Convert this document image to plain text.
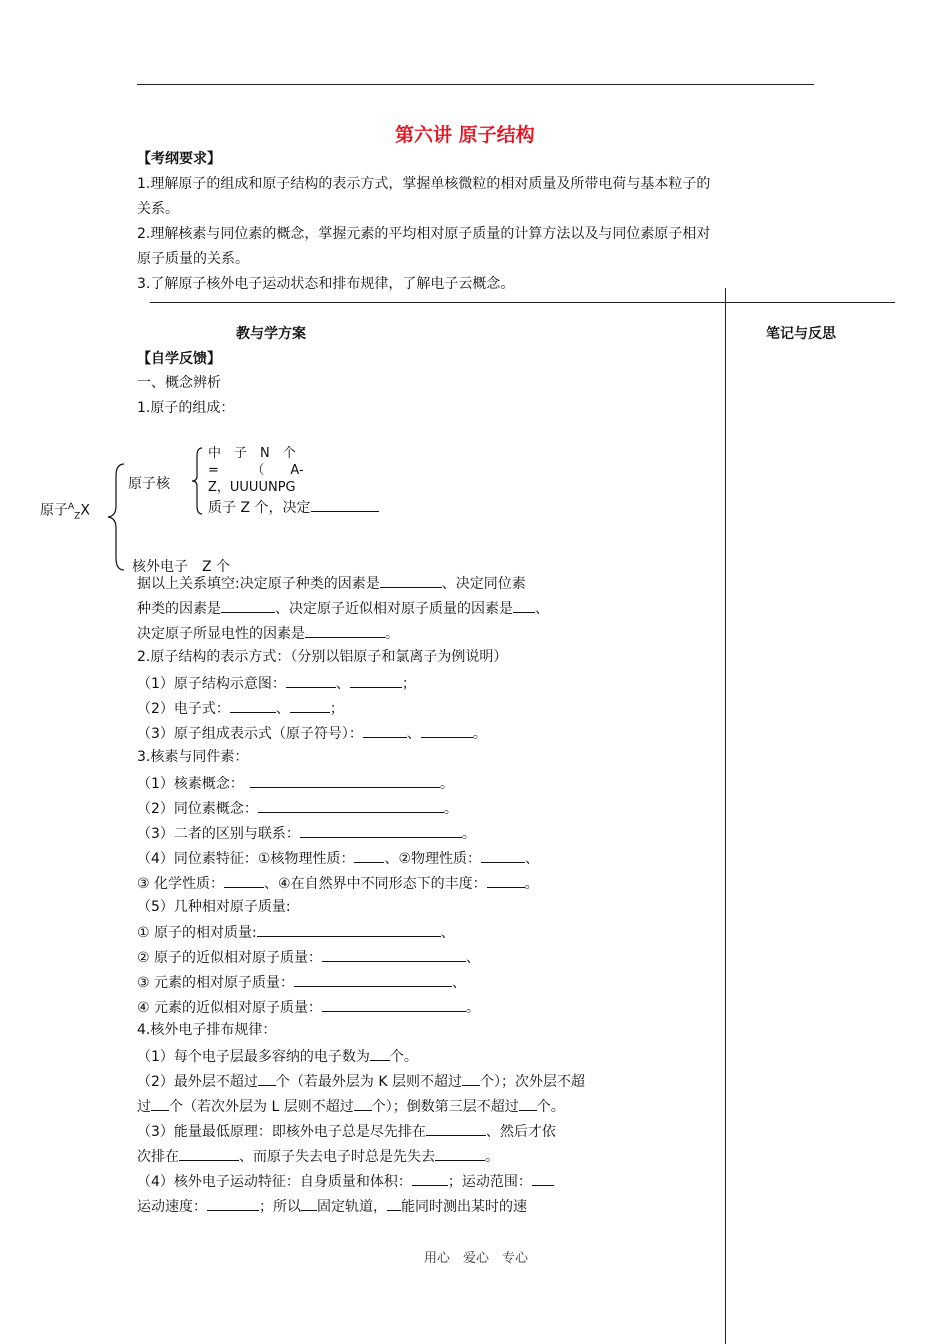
第六讲 原子结构
【考纲要求】
1.理解原子的组成和原子结构的表示方式，掌握单核微粒的相对质量及所带电荷与基本粒子的
关系。
2.理解核素与同位素的概念，掌握元素的平均相对原子质量的计算方法以及与同位素原子相对
原子质量的关系。
3.了解原子核外电子运动状态和排布规律，了解电子云概念。
教与学方案	笔记与反思
【自学反馈】
一、概念辨析
1.原子的组成：
原子$^A_Z$X
原子核
中　子　N　个
=　　　（　　A-
Z，UUUUNPG
质子 Z 个，决定
核外电子　Z 个
据以上关系填空:决定原子种类的因素是	、决定同位素
种类的因素是	、决定原子近似相对原子质量的因素是 、
决定原子所显电性的因素是	。
2.原子结构的表示方式：（分别以铝原子和氯离子为例说明）
（1）原子结构示意图：	、	；
（2）电子式：	、	；
（3）原子组成表示式（原子符号）：	、	。
3.核素与同件素：
（1）核素概念：	。
（2）同位素概念：	。
（3）二者的区别与联系：	。
（4）同位素特征：①核物理性质： 、②物理性质：	、
③ 化学性质：	、④在自然界中不同形态下的丰度：	。
（5）几种相对原子质量:
① 原子的相对质量:	、
② 原子的近似相对原子质量：	、
③ 元素的相对原子质量：	、
④ 元素的近似相对原子质量：	。
4.核外电子排布规律：
（1）每个电子层最多容纳的电子数为 个。
（2）最外层不超过 个（若最外层为 K 层则不超过 个）；次外层不超
过 个（若次外层为 L 层则不超过 个）；倒数第三层不超过 个。
（3）能量最低原理：即核外电子总是尽先排在	、然后才依
次排在	、而原子失去电子时总是先失去	。
（4）核外电子运动特征：自身质量和体积：	；运动范围：
运动速度：	；所以 固定轨道， 能同时测出某时的速
用心　爱心　专心
